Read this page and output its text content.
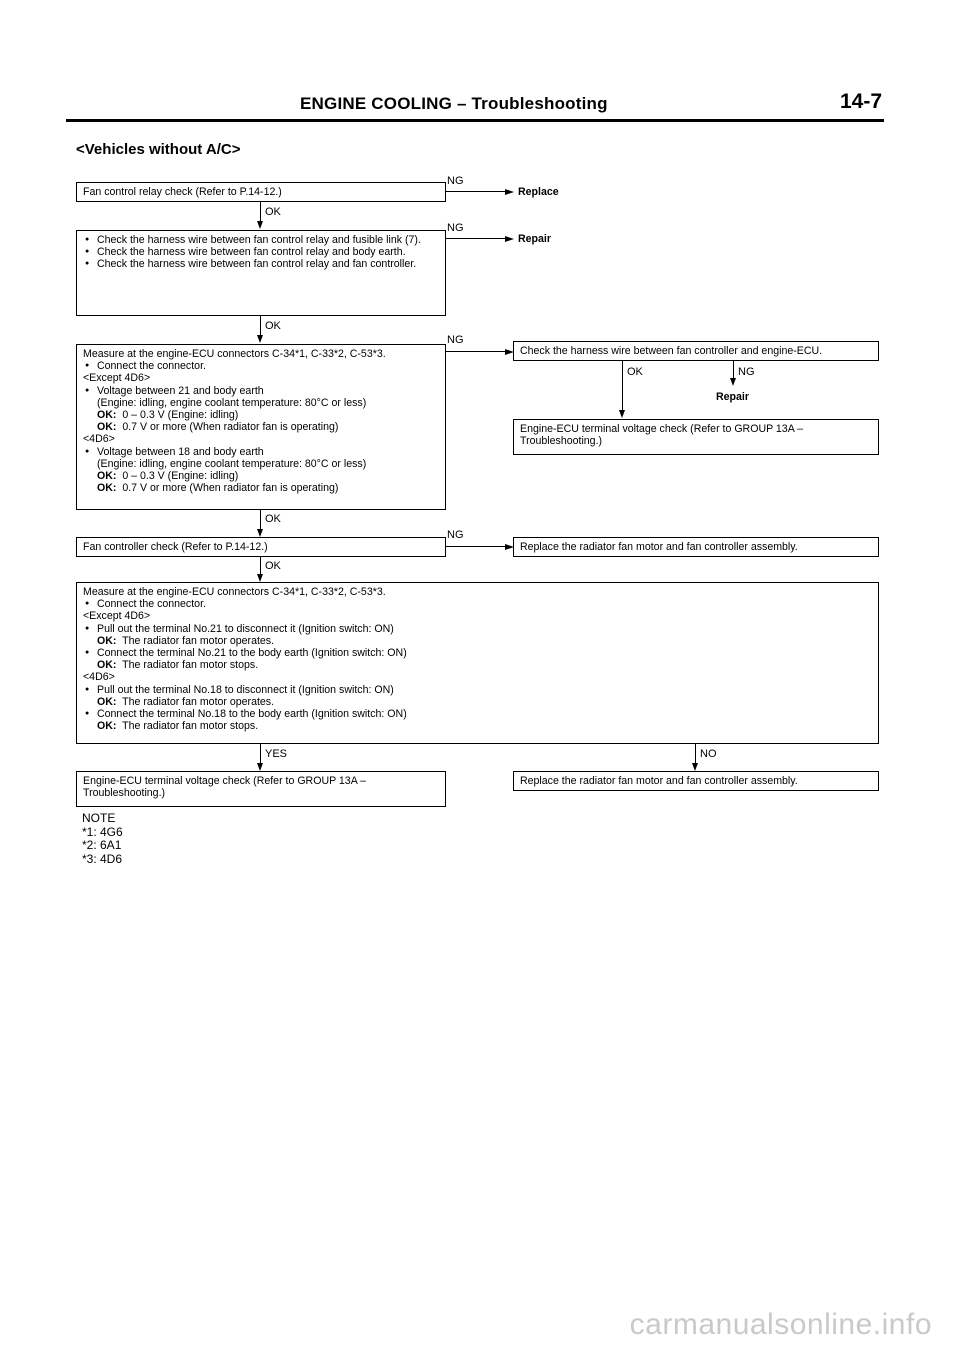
ENGINE COOLING – Troubleshooting	14-7
<Vehicles without A/C>
Fan control relay check (Refer to P.14-12.)
NG
Replace
OK
● Check the harness wire between fan control relay and fusible link (7).
● Check the harness wire between fan control relay and body earth.
● Check the harness wire between fan control relay and fan controller.
NG
Repair
OK
Measure at the engine-ECU connectors C-34*1, C-33*2, C-53*3.
● Connect the connector.
<Except 4D6>
● Voltage between 21 and body earth
(Engine: idling, engine coolant temperature: 80°C or less)
OK: 0 – 0.3 V (Engine: idling)
OK: 0.7 V or more (When radiator fan is operating)
<4D6>
● Voltage between 18 and body earth
(Engine: idling, engine coolant temperature: 80°C or less)
OK: 0 – 0.3 V (Engine: idling)
OK: 0.7 V or more (When radiator fan is operating)
NG
Check the harness wire between fan controller and engine-ECU.
OK	NG
Repair
Engine-ECU terminal voltage check (Refer to GROUP 13A – Troubleshooting.)
OK
Fan controller check (Refer to P.14-12.)
NG
Replace the radiator fan motor and fan controller assembly.
OK
Measure at the engine-ECU connectors C-34*1, C-33*2, C-53*3.
● Connect the connector.
<Except 4D6>
● Pull out the terminal No.21 to disconnect it (Ignition switch: ON)
OK: The radiator fan motor operates.
● Connect the terminal No.21 to the body earth (Ignition switch: ON)
OK: The radiator fan motor stops.
<4D6>
● Pull out the terminal No.18 to disconnect it (Ignition switch: ON)
OK: The radiator fan motor operates.
● Connect the terminal No.18 to the body earth (Ignition switch: ON)
OK: The radiator fan motor stops.
YES	NO
Engine-ECU terminal voltage check (Refer to GROUP 13A – Troubleshooting.)
Replace the radiator fan motor and fan controller assembly.
NOTE
*1: 4G6
*2: 6A1
*3: 4D6
carmanualsonline.info
